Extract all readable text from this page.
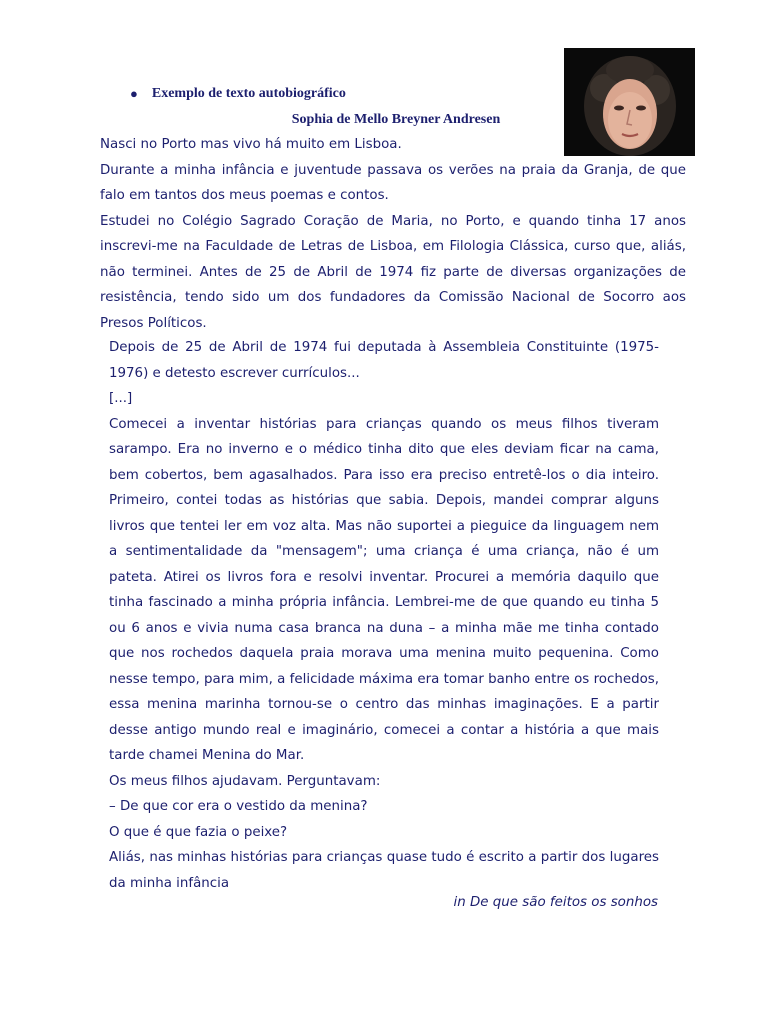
● Exemplo de texto autobiográfico
Sophia de Mello Breyner Andresen

Nasci no Porto mas vivo há muito em Lisboa.

Durante a minha infância e juventude passava os verões na praia da Granja, de que falo em tantos dos meus poemas e contos.

Estudei no Colégio Sagrado Coração de Maria, no Porto, e quando tinha 17 anos inscrevi-me na Faculdade de Letras de Lisboa, em Filologia Clássica, curso que, aliás, não terminei. Antes de 25 de Abril de 1974 fiz parte de diversas organizações de resistência, tendo sido um dos fundadores da Comissão Nacional de Socorro aos Presos Políticos.

Depois de 25 de Abril de 1974 fui deputada à Assembleia Constituinte (1975-1976) e detesto escrever currículos...

[...]

Comecei a inventar histórias para crianças quando os meus filhos tiveram sarampo. Era no inverno e o médico tinha dito que eles deviam ficar na cama, bem cobertos, bem agasalhados. Para isso era preciso entretê-los o dia inteiro. Primeiro, contei todas as histórias que sabia. Depois, mandei comprar alguns livros que tentei ler em voz alta. Mas não suportei a pieguice da linguagem nem a sentimentalidade da "mensagem"; uma criança é uma criança, não é um pateta. Atirei os livros fora e resolvi inventar. Procurei a memória daquilo que tinha fascinado a minha própria infância. Lembrei-me de que quando eu tinha 5 ou 6 anos e vivia numa casa branca na duna – a minha mãe me tinha contado que nos rochedos daquela praia morava uma menina muito pequenina. Como nesse tempo, para mim, a felicidade máxima era tomar banho entre os rochedos, essa menina marinha tornou-se o centro das minhas imaginações. E a partir desse antigo mundo real e imaginário, comecei a contar a história a que mais tarde chamei Menina do Mar.

Os meus filhos ajudavam. Perguntavam:

– De que cor era o vestido da menina?

O que é que fazia o peixe?

Aliás, nas minhas histórias para crianças quase tudo é escrito a partir dos lugares da minha infância

in De que são feitos os sonhos
